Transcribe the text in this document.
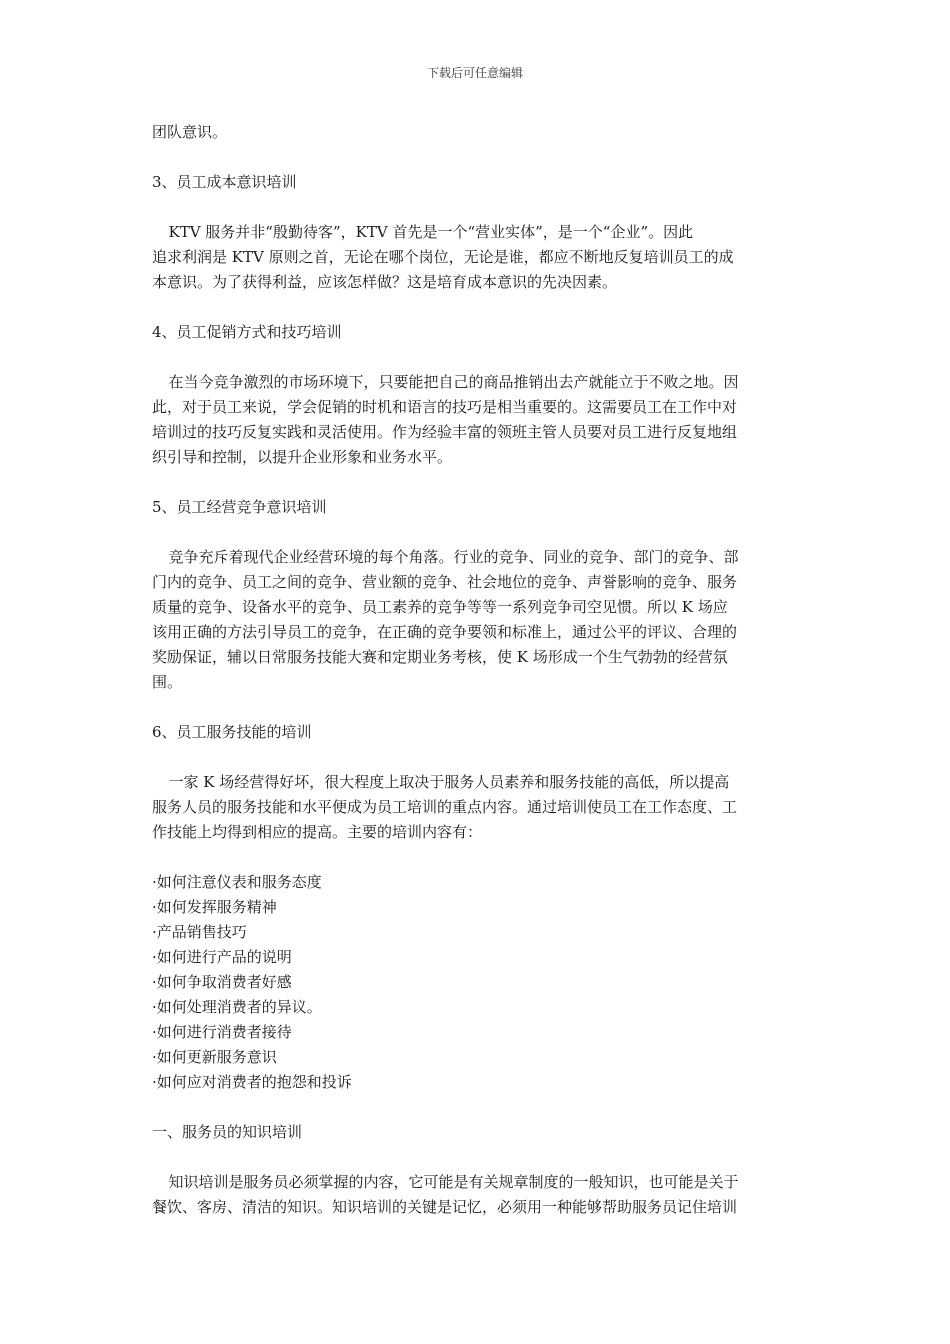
下载后可任意编辑
团队意识。
3、员工成本意识培训
KTV 服务并非“殷勤待客”，KTV 首先是一个“营业实体”，是一个“企业”。因此
追求利润是 KTV 原则之首，无论在哪个岗位，无论是谁，都应不断地反复培训员工的成
本意识。为了获得利益，应该怎样做？这是培育成本意识的先决因素。
4、员工促销方式和技巧培训
在当今竞争激烈的市场环境下，只要能把自己的商品推销出去产就能立于不败之地。因
此，对于员工来说，学会促销的时机和语言的技巧是相当重要的。这需要员工在工作中对
培训过的技巧反复实践和灵活使用。作为经验丰富的领班主管人员要对员工进行反复地组
织引导和控制，以提升企业形象和业务水平。
5、员工经营竞争意识培训
竞争充斥着现代企业经营环境的每个角落。行业的竞争、同业的竞争、部门的竞争、部
门内的竞争、员工之间的竞争、营业额的竞争、社会地位的竞争、声誉影响的竞争、服务
质量的竞争、设备水平的竞争、员工素养的竞争等等一系列竞争司空见惯。所以 K 场应
该用正确的方法引导员工的竞争，在正确的竞争要领和标准上，通过公平的评议、合理的
奖励保证，辅以日常服务技能大赛和定期业务考核，使 K 场形成一个生气勃勃的经营氛
围。
6、员工服务技能的培训
一家 K 场经营得好坏，很大程度上取决于服务人员素养和服务技能的高低，所以提高
服务人员的服务技能和水平便成为员工培训的重点内容。通过培训使员工在工作态度、工
作技能上均得到相应的提高。主要的培训内容有：
·如何注意仪表和服务态度
·如何发挥服务精神
·产品销售技巧
·如何进行产品的说明
·如何争取消费者好感
·如何处理消费者的异议。
·如何进行消费者接待
·如何更新服务意识
·如何应对消费者的抱怨和投诉
一、服务员的知识培训
知识培训是服务员必须掌握的内容，它可能是有关规章制度的一般知识，也可能是关于
餐饮、客房、清洁的知识。知识培训的关键是记忆，必须用一种能够帮助服务员记住培训
